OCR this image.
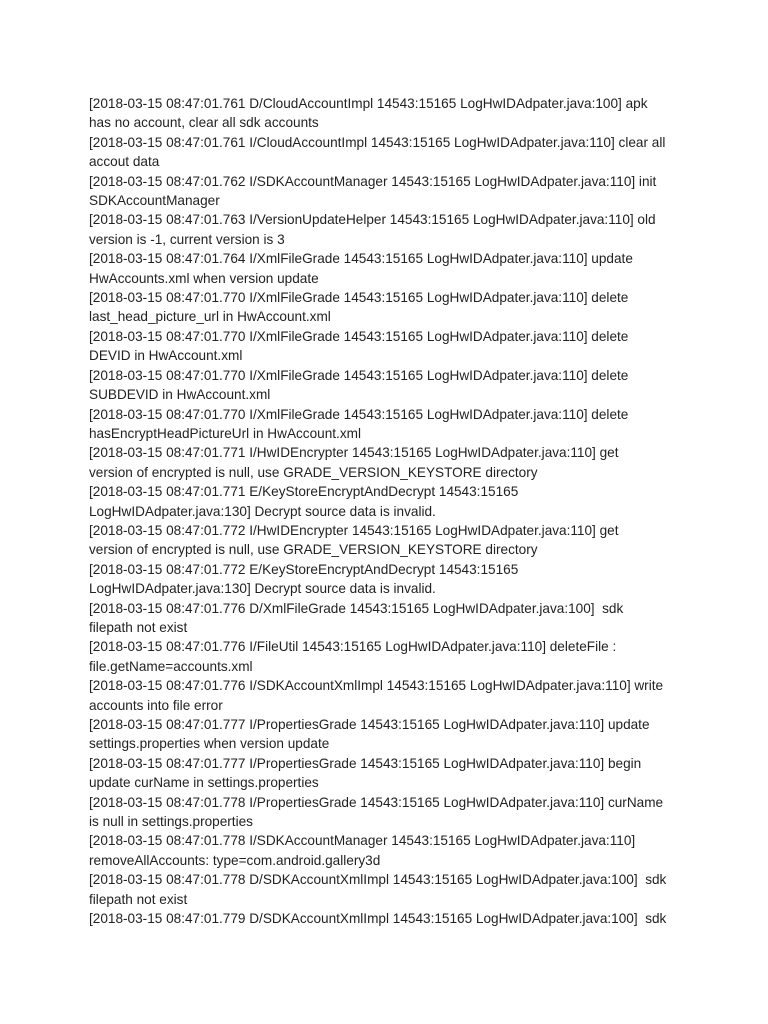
[2018-03-15 08:47:01.761 D/CloudAccountImpl 14543:15165 LogHwIDAdpater.java:100] apk
has no account, clear all sdk accounts

[2018-03-15 08:47:01.761 I/CloudAccountImpl 14543:15165 LogHwIDAdpater.java:110] clear all
accout data

[2018-03-15 08:47:01.762 I/SDKAccountManager 14543:15165 LogHwIDAdpater.java:110] init
SDKAccountManager

[2018-03-15 08:47:01.763 I/VersionUpdateHelper 14543:15165 LogHwIDAdpater.java:110] old
version is -1, current version is 3

[2018-03-15 08:47:01.764 I/XmlFileGrade 14543:15165 LogHwIDAdpater.java:110] update
HwAccounts.xml when version update

[2018-03-15 08:47:01.770 I/XmlFileGrade 14543:15165 LogHwIDAdpater.java:110] delete
last_head_picture_url in HwAccount.xml

[2018-03-15 08:47:01.770 I/XmlFileGrade 14543:15165 LogHwIDAdpater.java:110] delete
DEVID in HwAccount.xml

[2018-03-15 08:47:01.770 I/XmlFileGrade 14543:15165 LogHwIDAdpater.java:110] delete
SUBDEVID in HwAccount.xml

[2018-03-15 08:47:01.770 I/XmlFileGrade 14543:15165 LogHwIDAdpater.java:110] delete
hasEncryptHeadPictureUrl in HwAccount.xml

[2018-03-15 08:47:01.771 I/HwIDEncrypter 14543:15165 LogHwIDAdpater.java:110] get
version of encrypted is null, use GRADE_VERSION_KEYSTORE directory

[2018-03-15 08:47:01.771 E/KeyStoreEncryptAndDecrypt 14543:15165
LogHwIDAdpater.java:130] Decrypt source data is invalid.

[2018-03-15 08:47:01.772 I/HwIDEncrypter 14543:15165 LogHwIDAdpater.java:110] get
version of encrypted is null, use GRADE_VERSION_KEYSTORE directory

[2018-03-15 08:47:01.772 E/KeyStoreEncryptAndDecrypt 14543:15165
LogHwIDAdpater.java:130] Decrypt source data is invalid.

[2018-03-15 08:47:01.776 D/XmlFileGrade 14543:15165 LogHwIDAdpater.java:100]  sdk
filepath not exist

[2018-03-15 08:47:01.776 I/FileUtil 14543:15165 LogHwIDAdpater.java:110] deleteFile :
file.getName=accounts.xml

[2018-03-15 08:47:01.776 I/SDKAccountXmlImpl 14543:15165 LogHwIDAdpater.java:110] write
accounts into file error

[2018-03-15 08:47:01.777 I/PropertiesGrade 14543:15165 LogHwIDAdpater.java:110] update
settings.properties when version update

[2018-03-15 08:47:01.777 I/PropertiesGrade 14543:15165 LogHwIDAdpater.java:110] begin
update curName in settings.properties

[2018-03-15 08:47:01.778 I/PropertiesGrade 14543:15165 LogHwIDAdpater.java:110] curName
is null in settings.properties

[2018-03-15 08:47:01.778 I/SDKAccountManager 14543:15165 LogHwIDAdpater.java:110]
removeAllAccounts: type=com.android.gallery3d

[2018-03-15 08:47:01.778 D/SDKAccountXmlImpl 14543:15165 LogHwIDAdpater.java:100]  sdk
filepath not exist

[2018-03-15 08:47:01.779 D/SDKAccountXmlImpl 14543:15165 LogHwIDAdpater.java:100]  sdk
